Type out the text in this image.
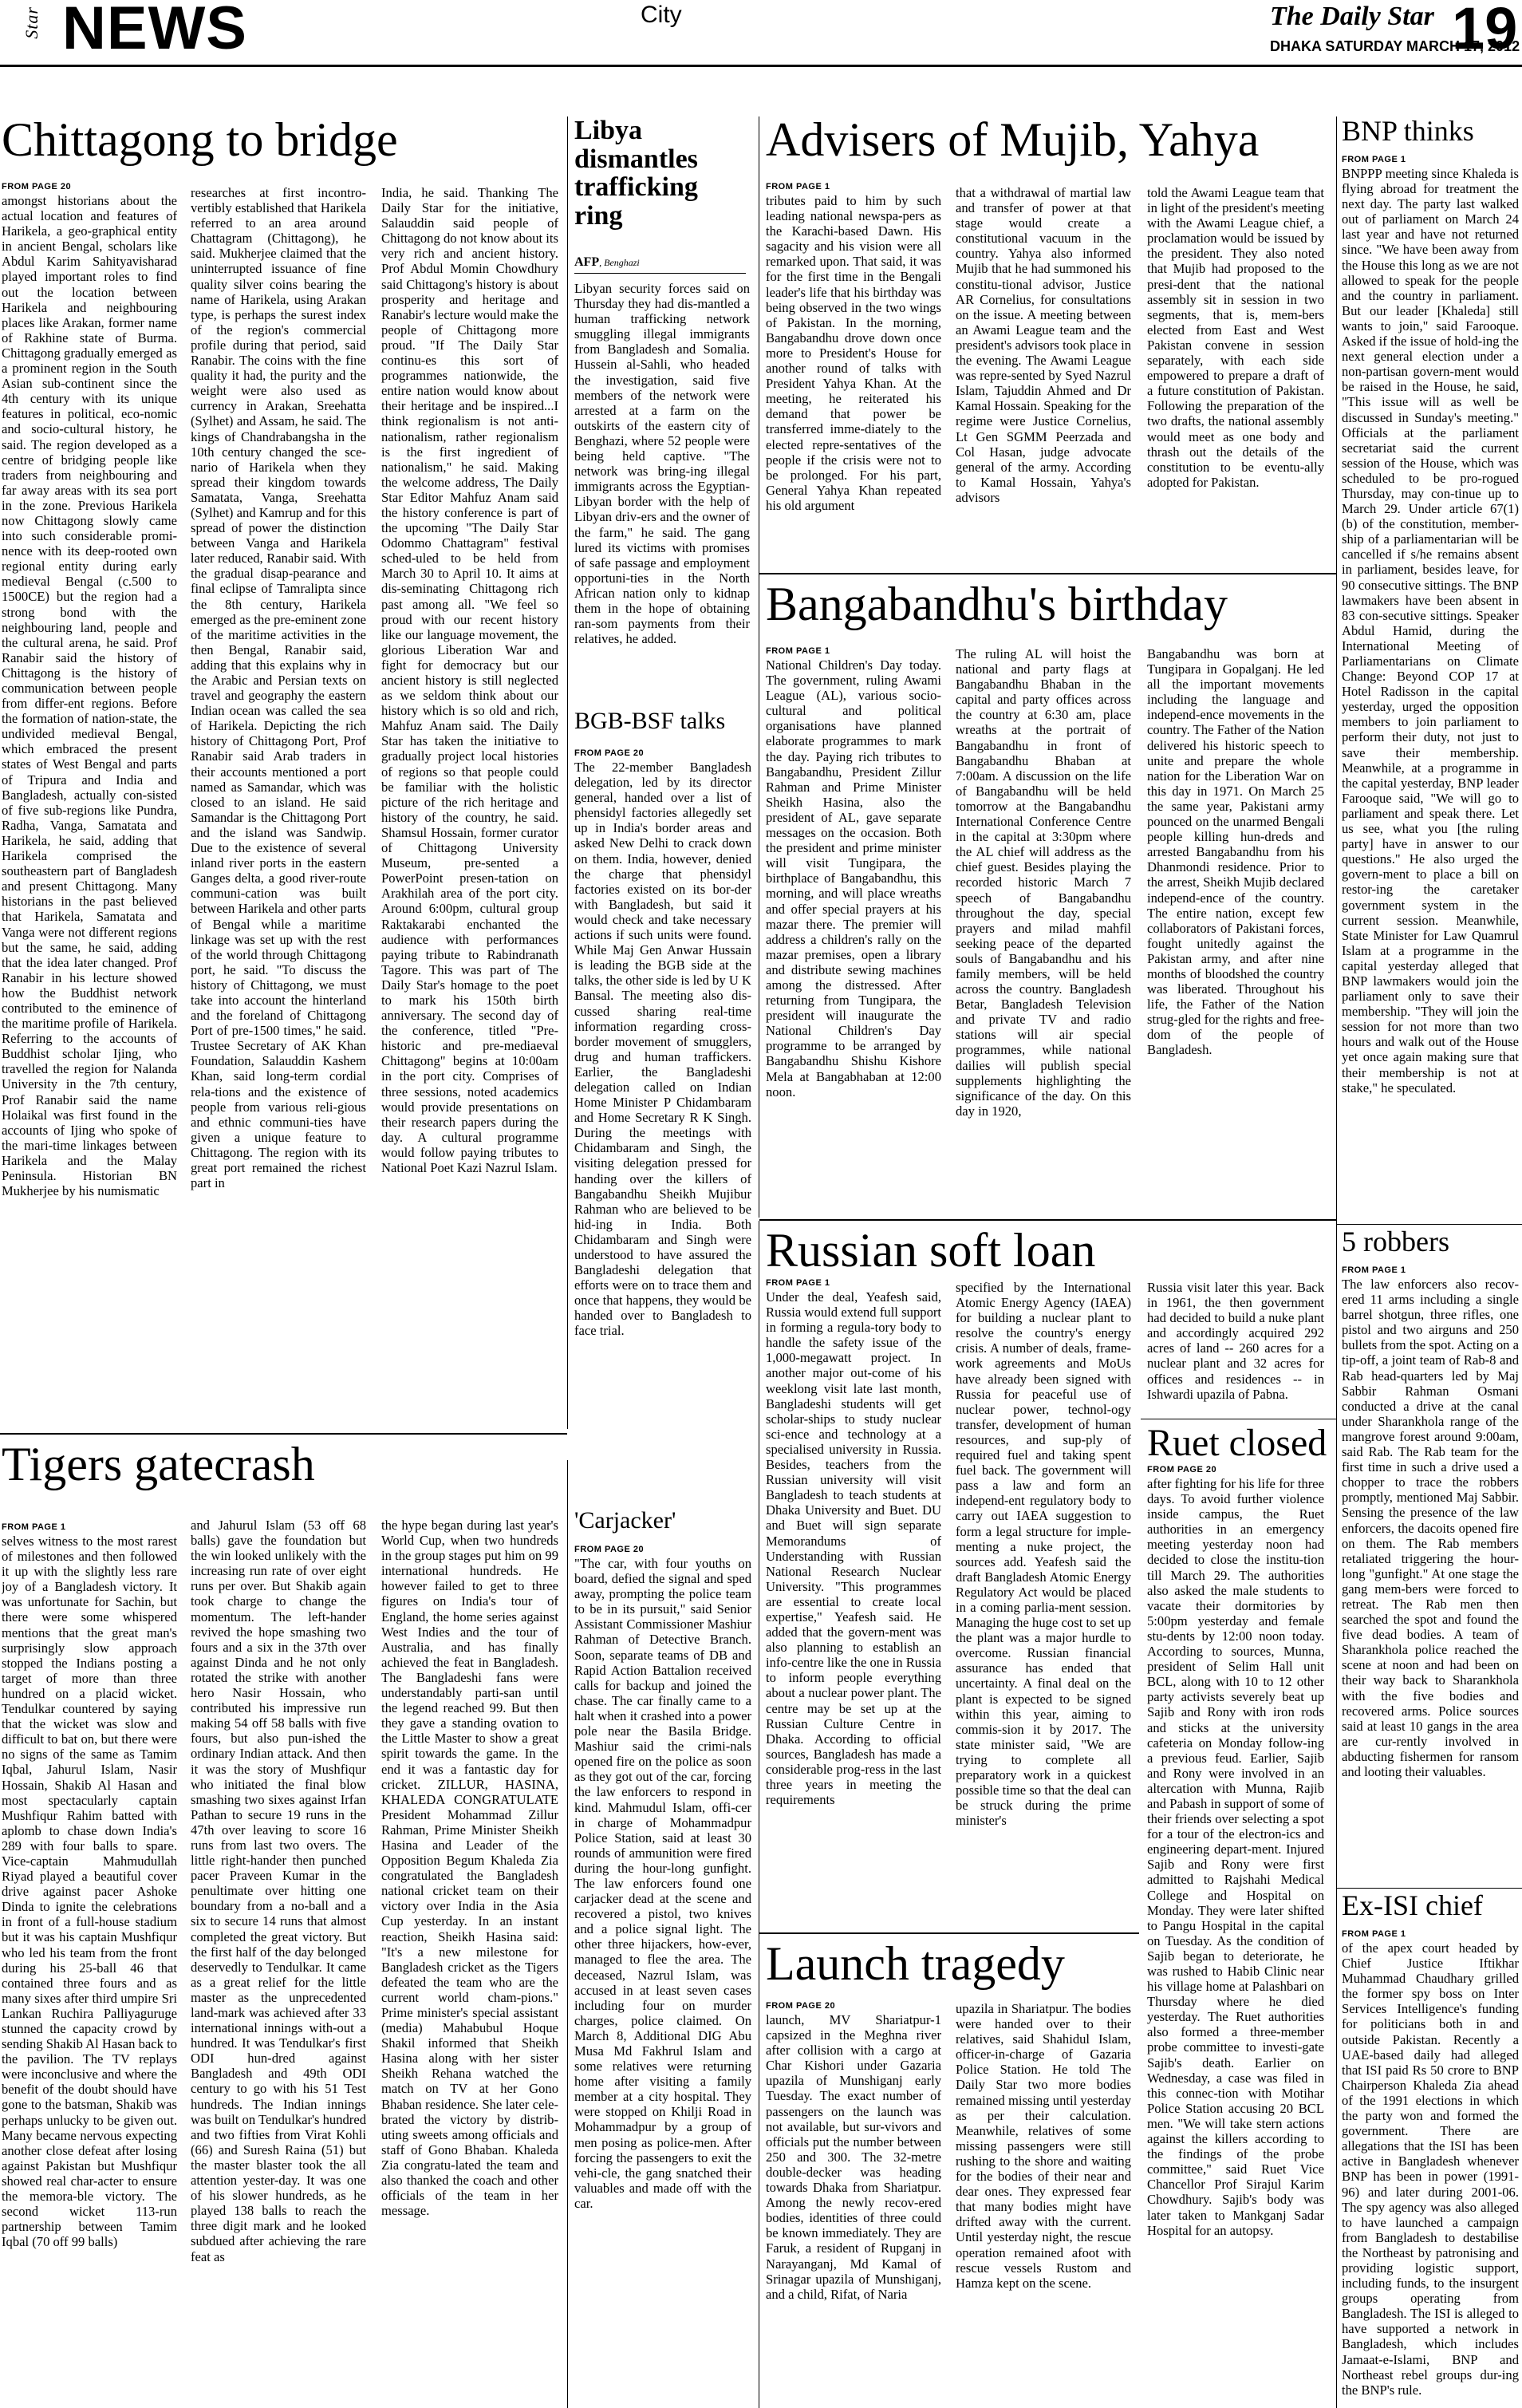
Star NEWS	City	The Daily Star
DHAKA SATURDAY MARCH 17, 2012
19
Chittagong to bridge
FROM PAGE 20

amongst historians about the actual location and features of Harikela, a geo-graphical entity in ancient Bengal, scholars like Abdul Karim Sahityavisharad played important roles to find out the location between Harikela and neighbouring places like Arakan, former name of Rakhine state of Burma. Chittagong gradually emerged as a prominent region in the South Asian sub-continent since the 4th century with its unique features in political, eco-nomic and socio-cultural history, he said. The region developed as a centre of bridging people like traders from neighbouring and far away areas with its sea port in the zone. Previous Harikela now Chittagong slowly came into such considerable promi-nence with its deep-rooted own regional entity during early medieval Bengal (c.500 to 1500CE) but the region had a strong bond with the neighbouring land, people and the cultural arena, he said. Prof Ranabir said the history of Chittagong is the history of communication between people from differ-ent regions. Before the formation of nation-state, the undivided medieval Bengal, which embraced the present states of West Bengal and parts of Tripura and India and Bangladesh, actually con-sisted of five sub-regions like Pundra, Radha, Vanga, Samatata and Harikela, he said, adding that Harikela comprised the southeastern part of Bangladesh and present Chittagong. Many historians in the past believed that Harikela, Samatata and Vanga were not different regions but the same, he said, adding that the idea later changed. Prof Ranabir in his lecture showed how the Buddhist network contributed to the eminence of the maritime profile of Harikela. Referring to the accounts of Buddhist scholar Ijing, who travelled the region for Nalanda University in the 7th century, Prof Ranabir said the name Holaikal was first found in the accounts of Ijing who spoke of the mari-time linkages between Harikela and the Malay Peninsula. Historian BN Mukherjee by his numismatic

researches at first incontro-vertibly established that Harikela referred to an area around Chattagram (Chittagong), he said. Mukherjee claimed that the uninterrupted issuance of fine quality silver coins bearing the name of Harikela, using Arakan type, is perhaps the surest index of the region's commercial profile during that period, said Ranabir. The coins with the fine quality it had, the purity and the weight were also used as currency in Arakan, Sreehatta (Sylhet) and Assam, he said. The kings of Chandrabangsha in the 10th century changed the sce-nario of Harikela when they spread their kingdom towards Samatata, Vanga, Sreehatta (Sylhet) and Kamrup and for this spread of power the distinction between Vanga and Harikela later reduced, Ranabir said. With the gradual disap-pearance and final eclipse of Tamralipta since the 8th century, Harikela emerged as the pre-eminent zone of the maritime activities in the then Bengal, Ranabir said, adding that this explains why in the Arabic and Persian texts on travel and geography the eastern Indian ocean was called the sea of Harikela. Depicting the rich history of Chittagong Port, Prof Ranabir said Arab traders in their accounts mentioned a port named as Samandar, which was closed to an island. He said Samandar is the Chittagong Port and the island was Sandwip. Due to the existence of several inland river ports in the eastern Ganges delta, a good river-route communi-cation was built between Harikela and other parts of Bengal while a maritime linkage was set up with the rest of the world through Chittagong port, he said. "To discuss the history of Chittagong, we must take into account the hinterland and the foreland of Chittagong Port of pre-1500 times," he said. Trustee Secretary of AK Khan Foundation, Salauddin Kashem Khan, said long-term cordial rela-tions and the existence of people from various reli-gious and ethnic communi-ties have given a unique feature to Chittagong. The region with its great port remained the richest part in

India, he said. Thanking The Daily Star for the initiative, Salauddin said people of Chittagong do not know about its very rich and ancient history. Prof Abdul Momin Chowdhury said Chittagong's history is about prosperity and heritage and Ranabir's lecture would make the people of Chittagong more proud. "If The Daily Star continu-es this sort of programmes nationwide, the entire nation would know about their heritage and be inspired...I think regionalism is not anti-nationalism, rather regionalism is the first ingredient of nationalism," he said. Making the welcome address, The Daily Star Editor Mahfuz Anam said the history conference is part of the upcoming "The Daily Star Odommo Chattagram" festival sched-uled to be held from March 30 to April 10. It aims at dis-seminating Chittagong rich past among all. "We feel so proud with our recent history like our language movement, the glorious Liberation War and fight for democracy but our ancient history is still neglected as we seldom think about our history which is so old and rich, Mahfuz Anam said. The Daily Star has taken the initiative to gradually project local histories of regions so that people could be familiar with the holistic picture of the rich heritage and history of the country, he said. Shamsul Hossain, former curator of Chittagong University Museum, pre-sented a PowerPoint presen-tation on Arakhilah area of the port city. Around 6:00pm, cultural group Raktakarabi enchanted the audience with performances paying tribute to Rabindranath Tagore. This was part of The Daily Star's homage to the poet to mark his 150th birth anniversary. The second day of the conference, titled "Pre-historic and pre-mediaeval Chittagong" begins at 10:00am in the port city. Comprises of three sessions, noted academics would provide presentations on their research papers during the day. A cultural programme would follow paying tributes to National Poet Kazi Nazrul Islam.

Tigers gatecrash
FROM PAGE 1

selves witness to the most rarest of milestones and then followed it up with the slightly less rare joy of a Bangladesh victory. It was unfortunate for Sachin, but there were some whispered mentions that the great man's surprisingly slow approach stopped the Indians posting a target of more than three hundred on a placid wicket. Tendulkar countered by saying that the wicket was slow and difficult to bat on, but there were no signs of the same as Tamim Iqbal, Jahurul Islam, Nasir Hossain, Shakib Al Hasan and most spectacularly captain Mushfiqur Rahim batted with aplomb to chase down India's 289 with four balls to spare. Vice-captain Mahmudullah Riyad played a beautiful cover drive against pacer Ashoke Dinda to ignite the celebrations in front of a full-house stadium but it was his captain Mushfiqur who led his team from the front during his 25-ball 46 that contained three fours and as many sixes after third umpire Sri Lankan Ruchira Palliyaguruge stunned the capacity crowd by sending Shakib Al Hasan back to the pavilion. The TV replays were inconclusive and where the benefit of the doubt should have gone to the batsman, Shakib was perhaps unlucky to be given out. Many became nervous expecting another close defeat after losing against Pakistan but Mushfiqur showed real char-acter to ensure the memora-ble victory. The second wicket 113-run partnership between Tamim Iqbal (70 off 99 balls)

and Jahurul Islam (53 off 68 balls) gave the foundation but the win looked unlikely with the increasing run rate of over eight runs per over. But Shakib again took charge to change the momentum. The left-hander revived the hope smashing two fours and a six in the 37th over against Dinda and he not only rotated the strike with another hero Nasir Hossain, who contributed his impressive run making 54 off 58 balls with five fours, but also pun-ished the ordinary Indian attack. And then it was the story of Mushfiqur who initiated the final blow smashing two sixes against Irfan Pathan to secure 19 runs in the 47th over leaving to score 16 runs from last two overs. The little right-hander then punched pacer Praveen Kumar in the penultimate over hitting one boundary from a no-ball and a six to secure 14 runs that almost completed the great victory. But the first half of the day belonged deservedly to Tendulkar. It came as a great relief for the little master as the unprecedented land-mark was achieved after 33 international innings with-out a hundred. It was Tendulkar's first ODI hun-dred against Bangladesh and 49th ODI century to go with his 51 Test hundreds. The Indian innings was built on Tendulkar's hundred and two fifties from Virat Kohli (66) and Suresh Raina (51) but the master blaster took the all attention yester-day. It was one of his slower hundreds, as he played 138 balls to reach the three digit mark and he looked subdued after achieving the rare feat as

the hype began during last year's World Cup, when two hundreds in the group stages put him on 99 international hundreds. He however failed to get to three figures on India's tour of England, the home series against West Indies and the tour of Australia, and has finally achieved the feat in Bangladesh. The Bangladeshi fans were understandably parti-san until the legend reached 99. But then they gave a standing ovation to the Little Master to show a great spirit towards the game. In the end it was a fantastic day for cricket. ZILLUR, HASINA, KHALEDA CONGRATULATE President Mohammad Zillur Rahman, Prime Minister Sheikh Hasina and Leader of the Opposition Begum Khaleda Zia congratulated the Bangladesh national cricket team on their victory over India in the Asia Cup yesterday. In an instant reaction, Sheikh Hasina said: "It's a new milestone for Bangladesh cricket as the Tigers defeated the team who are the current world cham-pions." Prime minister's special assistant (media) Mahabubul Hoque Shakil informed that Sheikh Hasina along with her sister Sheikh Rehana watched the match on TV at her Gono Bhaban residence. She later cele-brated the victory by distrib-uting sweets among officials and staff of Gono Bhaban. Khaleda Zia congratu-lated the team and also thanked the coach and other officials of the team in her message.

Libya dismantles trafficking ring
AFP, Benghazi

Libyan security forces said on Thursday they had dis-mantled a human trafficking network smuggling illegal immigrants from Bangladesh and Somalia. Hussein al-Sahli, who headed the investigation, said five members of the network were arrested at a farm on the outskirts of the eastern city of Benghazi, where 52 people were being held captive. "The network was bring-ing illegal immigrants across the Egyptian-Libyan border with the help of Libyan driv-ers and the owner of the farm," he said. The gang lured its victims with promises of safe passage and employment opportuni-ties in the North African nation only to kidnap them in the hope of obtaining ran-som payments from their relatives, he added.

BGB-BSF talks
FROM PAGE 20

The 22-member Bangladesh delegation, led by its director general, handed over a list of phensidyl factories allegedly set up in India's border areas and asked New Delhi to crack down on them. India, however, denied the charge that phensidyl factories existed on its bor-der with Bangladesh, but said it would check and take necessary actions if such units were found. While Maj Gen Anwar Hussain is leading the BGB side at the talks, the other side is led by U K Bansal. The meeting also dis-cussed sharing real-time information regarding cross-border movement of smugglers, drug and human traffickers. Earlier, the Bangladeshi delegation called on Indian Home Minister P Chidambaram and Home Secretary R K Singh. During the meetings with Chidambaram and Singh, the visiting delegation pressed for handing over the killers of Bangabandhu Sheikh Mujibur Rahman who are believed to be hid-ing in India. Both Chidambaram and Singh were understood to have assured the Bangladeshi delegation that efforts were on to trace them and once that happens, they would be handed over to Bangladesh to face trial.

'Carjacker'
FROM PAGE 20

"The car, with four youths on board, defied the signal and sped away, prompting the police team to be in its pursuit," said Senior Assistant Commissioner Mashiur Rahman of Detective Branch. Soon, separate teams of DB and Rapid Action Battalion received calls for backup and joined the chase. The car finally came to a halt when it crashed into a power pole near the Basila Bridge. Mashiur said the crimi-nals opened fire on the police as soon as they got out of the car, forcing the law enforcers to respond in kind. Mahmudul Islam, offi-cer in charge of Mohammadpur Police Station, said at least 30 rounds of ammunition were fired during the hour-long gunfight. The law enforcers found one carjacker dead at the scene and recovered a pistol, two knives and a police signal light. The other three hijackers, how-ever, managed to flee the area. The deceased, Nazrul Islam, was accused in at least seven cases including four on murder charges, police claimed. On March 8, Additional DIG Abu Musa Md Fakhrul Islam and some relatives were returning home after visiting a family member at a city hospital. They were stopped on Khilji Road in Mohammadpur by a group of men posing as police-men. After forcing the passengers to exit the vehi-cle, the gang snatched their valuables and made off with the car.

Advisers of Mujib, Yahya
FROM PAGE 1

tributes paid to him by such leading national newspa-pers as the Karachi-based Dawn. His sagacity and his vision were all remarked upon. That said, it was for the first time in the Bengali leader's life that his birthday was being observed in the two wings of Pakistan. In the morning, Bangabandhu drove down once more to President's House for another round of talks with President Yahya Khan. At the meeting, he reiterated his demand that power be transferred imme-diately to the elected repre-sentatives of the people if the crisis were not to be prolonged. For his part, General Yahya Khan repeated his old argument

that a withdrawal of martial law and transfer of power at that stage would create a constitutional vacuum in the country. Yahya also informed Mujib that he had summoned his constitu-tional advisor, Justice AR Cornelius, for consultations on the issue. A meeting between an Awami League team and the president's advisors took place in the evening. The Awami League was repre-sented by Syed Nazrul Islam, Tajuddin Ahmed and Dr Kamal Hossain. Speaking for the regime were Justice Cornelius, Lt Gen SGMM Peerzada and Col Hasan, judge advocate general of the army. According to Kamal Hossain, Yahya's advisors

told the Awami League team that in light of the president's meeting with the Awami League chief, a proclamation would be issued by the president. They also noted that Mujib had proposed to the presi-dent that the national assembly sit in session in two segments, that is, mem-bers elected from East and West Pakistan convene in session separately, with each side empowered to prepare a draft of a future constitution of Pakistan. Following the preparation of the two drafts, the national assembly would meet as one body and thrash out the details of the constitution to be eventu-ally adopted for Pakistan.

Bangabandhu's birthday
FROM PAGE 1

National Children's Day today. The government, ruling Awami League (AL), various socio-cultural and political organisations have planned elaborate programmes to mark the day. Paying rich tributes to Bangabandhu, President Zillur Rahman and Prime Minister Sheikh Hasina, also the president of AL, gave separate messages on the occasion. Both the president and prime minister will visit Tungipara, the birthplace of Bangabandhu, this morning, and will place wreaths and offer special prayers at his mazar there. The premier will address a children's rally on the mazar premises, open a library and distribute sewing machines among the distressed. After returning from Tungipara, the president will inaugurate the National Children's Day programme to be arranged by Bangabandhu Shishu Kishore Mela at Bangabhaban at 12:00 noon.

The ruling AL will hoist the national and party flags at Bangabandhu Bhaban in the capital and party offices across the country at 6:30 am, place wreaths at the portrait of Bangabandhu in front of Bangabandhu Bhaban at 7:00am. A discussion on the life of Bangabandhu will be held tomorrow at the Bangabandhu International Conference Centre in the capital at 3:30pm where the AL chief will address as the chief guest. Besides playing the recorded historic March 7 speech of Bangabandhu throughout the day, special prayers and milad mahfil seeking peace of the departed souls of Bangabandhu and his family members, will be held across the country. Bangladesh Betar, Bangladesh Television and private TV and radio stations will air special programmes, while national dailies will publish special supplements highlighting the significance of the day. On this day in 1920,

Bangabandhu was born at Tungipara in Gopalganj. He led all the important movements including the language and independ-ence movements in the country. The Father of the Nation delivered his historic speech to unite and prepare the whole nation for the Liberation War on this day in 1971. On March 25 the same year, Pakistani army pounced on the unarmed Bengali people killing hun-dreds and arrested Bangabandhu from his Dhanmondi residence. Prior to the arrest, Sheikh Mujib declared independ-ence of the country. The entire nation, except few collaborators of Pakistani forces, fought unitedly against the Pakistan army, and after nine months of bloodshed the country was liberated. Throughout his life, the Father of the Nation strug-gled for the rights and free-dom of the people of Bangladesh.

Russian soft loan
FROM PAGE 1

Under the deal, Yeafesh said, Russia would extend full support in forming a regula-tory body to handle the safety issue of the 1,000-megawatt project. In another major out-come of his weeklong visit late last month, Bangladeshi students will get scholar-ships to study nuclear sci-ence and technology at a specialised university in Russia. Besides, teachers from the Russian university will visit Bangladesh to teach students at Dhaka University and Buet. DU and Buet will sign separate Memorandums of Understanding with Russian National Research Nuclear University. "This programmes are essential to create local expertise," Yeafesh said. He added that the govern-ment was also planning to establish an info-centre like the one in Russia to inform people everything about a nuclear power plant. The centre may be set up at the Russian Culture Centre in Dhaka. According to official sources, Bangladesh has made a considerable prog-ress in the last three years in meeting the requirements

specified by the International Atomic Energy Agency (IAEA) for building a nuclear plant to resolve the country's energy crisis. A number of deals, frame-work agreements and MoUs have already been signed with Russia for peaceful use of nuclear power, technol-ogy transfer, development of human resources, and sup-ply of required fuel and taking spent fuel back. The government will pass a law and form an independ-ent regulatory body to carry out IAEA suggestion to form a legal structure for imple-menting a nuke project, the sources add. Yeafesh said the draft Bangladesh Atomic Energy Regulatory Act would be placed in a coming parlia-ment session. Managing the huge cost to set up the plant was a major hurdle to overcome. Russian financial assurance has ended that uncertainty. A final deal on the plant is expected to be signed within this year, aiming to commis-sion it by 2017. The state minister said, "We are trying to complete all preparatory work in a quickest possible time so that the deal can be struck during the prime minister's

Russia visit later this year. Back in 1961, the then government had decided to build a nuke plant and accordingly acquired 292 acres of land -- 260 acres for a nuclear plant and 32 acres for offices and residences -- in Ishwardi upazila of Pabna.

Ruet closed
FROM PAGE 20

after fighting for his life for three days. To avoid further violence inside campus, the Ruet authorities in an emergency meeting yesterday noon had decided to close the institu-tion till March 29. The authorities also asked the male students to vacate their dormitories by 5:00pm yesterday and female stu-dents by 12:00 noon today. According to sources, Munna, president of Selim Hall unit BCL, along with 10 to 12 other party activists severely beat up Sajib and Rony with iron rods and sticks at the university cafeteria on Monday follow-ing a previous feud. Earlier, Sajib and Rony were involved in an altercation with Munna, Rajib and Pabash in support of some of their friends over selecting a spot for a tour of the electron-ics and engineering depart-ment. Injured Sajib and Rony were first admitted to Rajshahi Medical College and Hospital on Monday. They were later shifted to Pangu Hospital in the capital on Tuesday. As the condition of Sajib began to deteriorate, he was rushed to Habib Clinic near his village home at Palashbari on Thursday where he died yesterday. The Ruet authorities also formed a three-member probe committee to investi-gate Sajib's death. Earlier on Wednesday, a case was filed in this connec-tion with Motihar Police Station accusing 20 BCL men. "We will take stern actions against the killers according to the findings of the probe committee," said Ruet Vice Chancellor Prof Sirajul Karim Chowdhury. Sajib's body was later taken to Mankganj Sadar Hospital for an autopsy.

Launch tragedy
FROM PAGE 20

launch, MV Shariatpur-1 capsized in the Meghna river after collision with a cargo at Char Kishori under Gazaria upazila of Munshiganj early Tuesday. The exact number of passengers on the launch was not available, but sur-vivors and officials put the number between 250 and 300. The 32-metre double-decker was heading towards Dhaka from Shariatpur. Among the newly recov-ered bodies, identities of three could be known immediately. They are Faruk, a resident of Rupganj in Narayanganj, Md Kamal of Srinagar upazila of Munshiganj, and a child, Rifat, of Naria

upazila in Shariatpur. The bodies were handed over to their relatives, said Shahidul Islam, officer-in-charge of Gazaria Police Station. He told The Daily Star two more bodies remained missing until yesterday as per their calculation. Meanwhile, relatives of some missing passengers were still rushing to the shore and waiting for the bodies of their near and dear ones. They expressed fear that many bodies might have drifted away with the current. Until yesterday night, the rescue operation remained afoot with rescue vessels Rustom and Hamza kept on the scene.

BNP thinks
FROM PAGE 1

BNPPP meeting since Khaleda is flying abroad for treatment the next day. The party last walked out of parliament on March 24 last year and have not returned since. "We have been away from the House this long as we are not allowed to speak for the people and the country in parliament. But our leader [Khaleda] still wants to join," said Farooque. Asked if the issue of hold-ing the next general election under a non-partisan govern-ment would be raised in the House, he said, "This issue will as well be discussed in Sunday's meeting." Officials at the parliament secretariat said the current session of the House, which was scheduled to be pro-rogued Thursday, may con-tinue up to March 29. Under article 67(1) (b) of the constitution, member-ship of a parliamentarian will be cancelled if s/he remains absent in parliament, besides leave, for 90 consecutive sittings. The BNP lawmakers have been absent in 83 con-secutive sittings. Speaker Abdul Hamid, during the International Meeting of Parliamentarians on Climate Change: Beyond COP 17 at Hotel Radisson in the capital yesterday, urged the opposition members to join parliament to perform their duty, not just to save their membership. Meanwhile, at a programme in the capital yesterday, BNP leader Farooque said, "We will go to parliament and speak there. Let us see, what you [the ruling party] have in answer to our questions." He also urged the govern-ment to place a bill on restor-ing the caretaker government system in the current session. Meanwhile, State Minister for Law Quamrul Islam at a programme in the capital yesterday alleged that BNP lawmakers would join the parliament only to save their membership. "They will join the session for not more than two hours and walk out of the House yet once again making sure that their membership is not at stake," he speculated.

5 robbers
FROM PAGE 1

The law enforcers also recov-ered 11 arms including a single barrel shotgun, three rifles, one pistol and two airguns and 250 bullets from the spot. Acting on a tip-off, a joint team of Rab-8 and Rab head-quarters led by Maj Sabbir Rahman Osmani conducted a drive at the canal under Sharankhola range of the mangrove forest around 9:00am, said Rab. The Rab team for the first time in such a drive used a chopper to trace the robbers promptly, mentioned Maj Sabbir. Sensing the presence of the law enforcers, the dacoits opened fire on them. The Rab members retaliated triggering the hour-long "gunfight." At one stage the gang mem-bers were forced to retreat. The Rab men then searched the spot and found the five dead bodies. A team of Sharankhola police reached the scene at noon and had been on their way back to Sharankhola with the five bodies and recovered arms. Police sources said at least 10 gangs in the area are cur-rently involved in abducting fishermen for ransom and looting their valuables.

Ex-ISI chief
FROM PAGE 1

of the apex court headed by Chief Justice Iftikhar Muhammad Chaudhary grilled the former spy boss on Inter Services Intelligence's funding for politicians both in and outside Pakistan. Recently a UAE-based daily had alleged that ISI paid Rs 50 crore to BNP Chairperson Khaleda Zia ahead of the 1991 elections in which the party won and formed the government. There are allegations that the ISI has been active in Bangladesh whenever BNP has been in power (1991-96) and later during 2001-06. The spy agency was also alleged to have launched a campaign from Bangladesh to destabilise the Northeast by patronising and providing logistic support, including funds, to the insurgent groups operating from Bangladesh. The ISI is alleged to have supported a network in Bangladesh, which includes Jamaat-e-Islami, BNP and Northeast rebel groups dur-ing the BNP's rule.
